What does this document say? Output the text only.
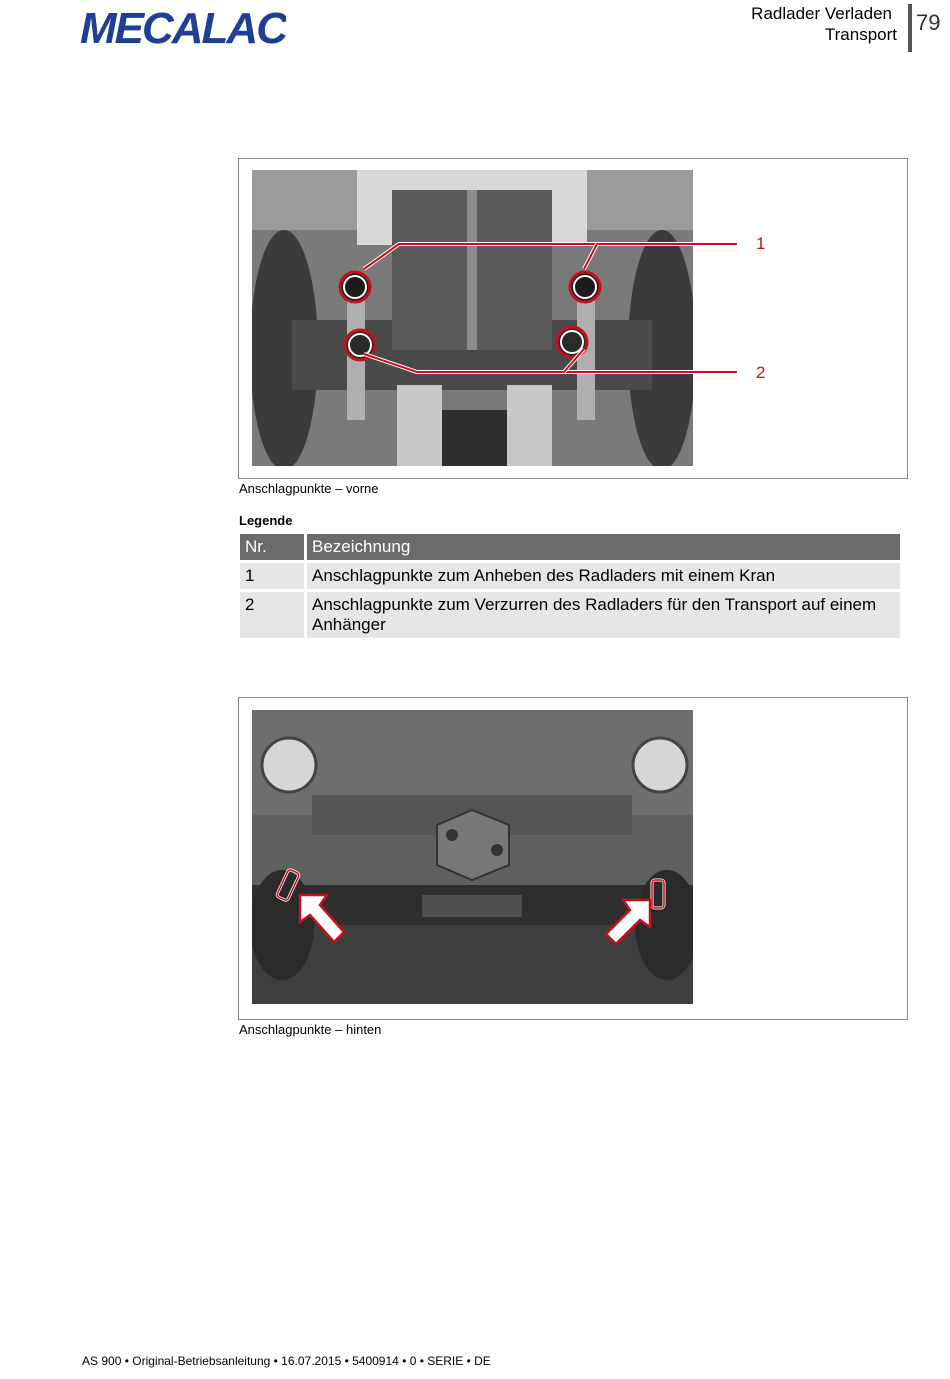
MECALAC	Radlader Verladen
Transport 79
1
2
Anschlagpunkte – vorne
Legende
Nr.	Bezeichnung
1	Anschlagpunkte zum Anheben des Radladers mit einem Kran
2	Anschlagpunkte zum Verzurren des Radladers für den Transport auf einem Anhänger
Anschlagpunkte – hinten
AS 900 • Original-Betriebsanleitung • 16.07.2015 • 5400914 • 0 • SERIE • DE
